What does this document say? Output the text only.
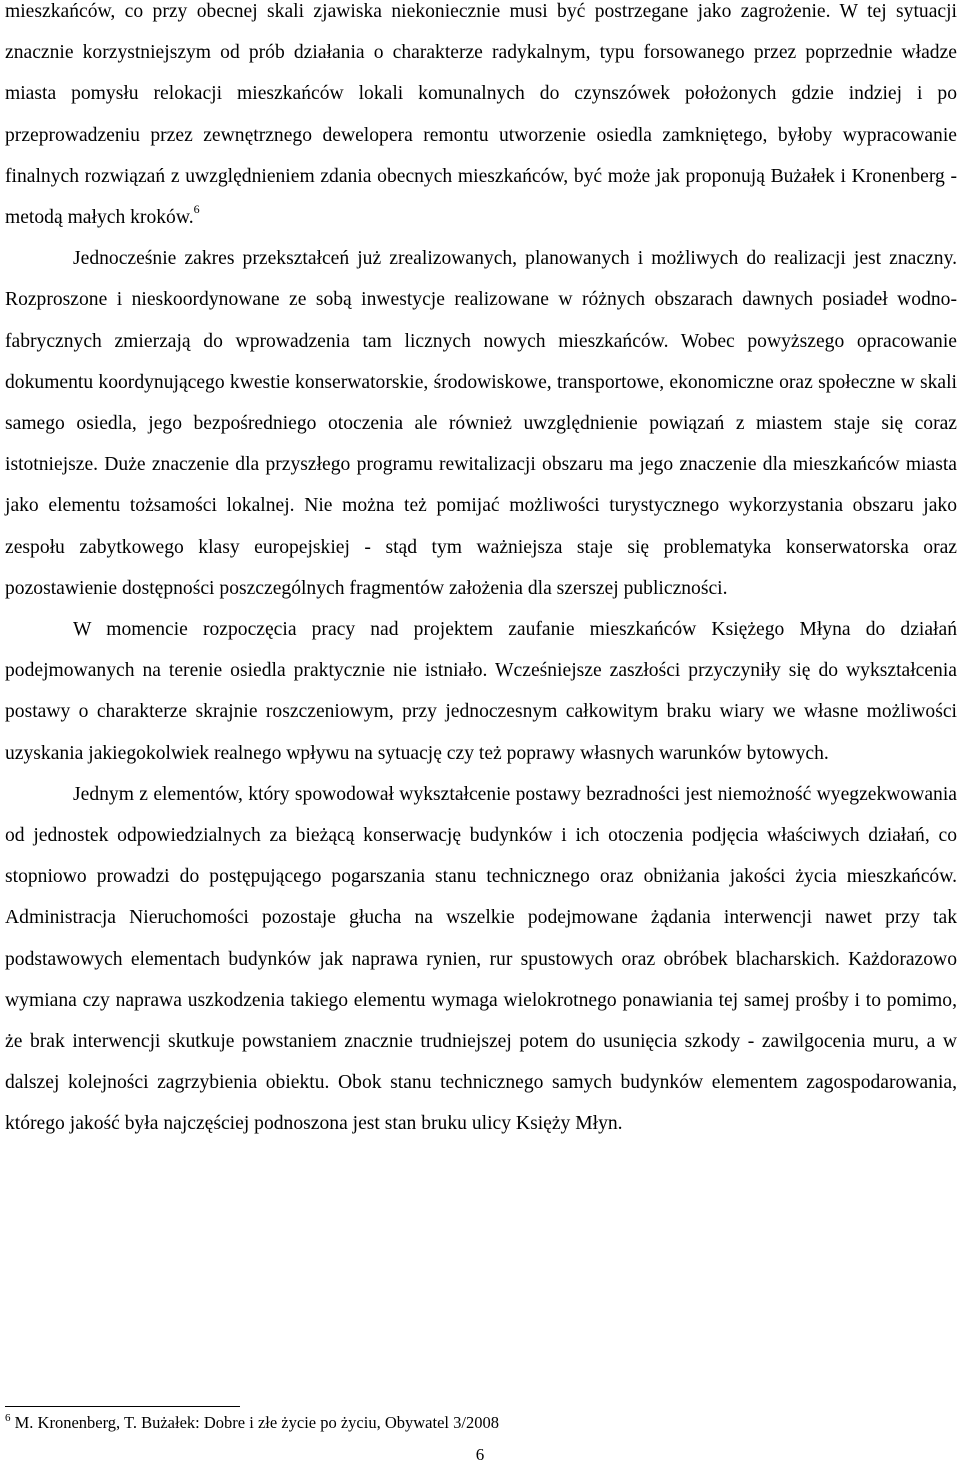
mieszkańców, co przy obecnej skali zjawiska niekoniecznie musi być postrzegane jako zagrożenie. W tej sytuacji znacznie korzystniejszym od prób działania o charakterze radykalnym, typu forsowanego przez poprzednie władze miasta pomysłu relokacji mieszkańców lokali komunalnych do czynszówek położonych gdzie indziej i po przeprowadzeniu przez zewnętrznego dewelopera remontu utworzenie osiedla zamkniętego, byłoby wypracowanie finalnych rozwiązań z uwzględnieniem zdania obecnych mieszkańców, być może jak proponują Bużałek i Kronenberg - metodą małych kroków.$^6$

Jednocześnie zakres przekształceń już zrealizowanych, planowanych i możliwych do realizacji jest znaczny. Rozproszone i nieskoordynowane ze sobą inwestycje realizowane w różnych obszarach dawnych posiadeł wodno-fabrycznych zmierzają do wprowadzenia tam licznych nowych mieszkańców. Wobec powyższego opracowanie dokumentu koordynującego kwestie konserwatorskie, środowiskowe, transportowe, ekonomiczne oraz społeczne w skali samego osiedla, jego bezpośredniego otoczenia ale również uwzględnienie powiązań z miastem staje się coraz istotniejsze. Duże znaczenie dla przyszłego programu rewitalizacji obszaru ma jego znaczenie dla mieszkańców miasta jako elementu tożsamości lokalnej. Nie można też pomijać możliwości turystycznego wykorzystania obszaru jako zespołu zabytkowego klasy europejskiej - stąd tym ważniejsza staje się problematyka konserwatorska oraz pozostawienie dostępności poszczególnych fragmentów założenia dla szerszej publiczności.

W momencie rozpoczęcia pracy nad projektem zaufanie mieszkańców Księżego Młyna do działań podejmowanych na terenie osiedla praktycznie nie istniało. Wcześniejsze zaszłości przyczyniły się do wykształcenia postawy o charakterze skrajnie roszczeniowym, przy jednoczesnym całkowitym braku wiary we własne możliwości uzyskania jakiegokolwiek realnego wpływu na sytuację czy też poprawy własnych warunków bytowych.

Jednym z elementów, który spowodował wykształcenie postawy bezradności jest niemożność wyegzekwowania od jednostek odpowiedzialnych za bieżącą konserwację budynków i ich otoczenia podjęcia właściwych działań, co stopniowo prowadzi do postępującego pogarszania stanu technicznego oraz obniżania jakości życia mieszkańców. Administracja Nieruchomości pozostaje głucha na wszelkie podejmowane żądania interwencji nawet przy tak podstawowych elementach budynków jak naprawa rynien, rur spustowych oraz obróbek blacharskich. Każdorazowo wymiana czy naprawa uszkodzenia takiego elementu wymaga wielokrotnego ponawiania tej samej prośby i to pomimo, że brak interwencji skutkuje powstaniem znacznie trudniejszej potem do usunięcia szkody - zawilgocenia muru, a w dalszej kolejności zagrzybienia obiektu. Obok stanu technicznego samych budynków elementem zagospodarowania, którego jakość była najczęściej podnoszona jest stan bruku ulicy Księży Młyn.

$^6$ M. Kronenberg, T. Bużałek: Dobre i złe życie po życiu, Obywatel 3/2008

6
